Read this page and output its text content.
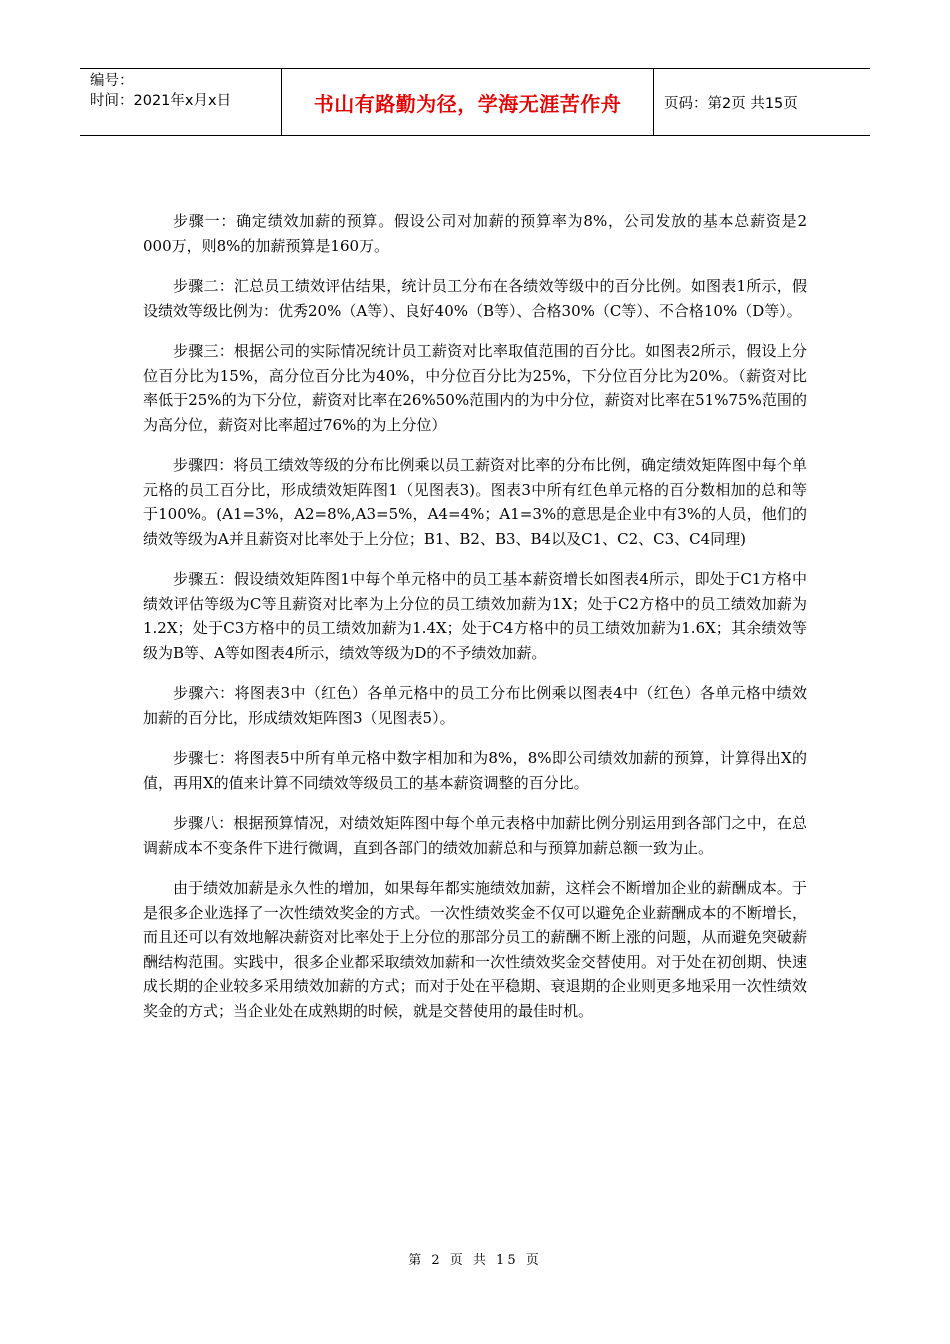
编号：
时间：2021年x月x日	书山有路勤为径，学海无涯苦作舟	页码：第2页 共15页

步骤一：确定绩效加薪的预算。假设公司对加薪的预算率为8%，公司发放的基本总薪资是2 000万，则8%的加薪预算是160万。

步骤二：汇总员工绩效评估结果，统计员工分布在各绩效等级中的百分比例。如图表1所示，假设绩效等级比例为：优秀20%（A等）、良好40%（B等）、合格30%（C等）、不合格10%（D等）。

步骤三：根据公司的实际情况统计员工薪资对比率取值范围的百分比。如图表2所示，假设上分位百分比为15%，高分位百分比为40%，中分位百分比为25%，下分位百分比为20%。（薪资对比率低于25%的为下分位，薪资对比率在26%50%范围内的为中分位，薪资对比率在51%75%范围的为高分位，薪资对比率超过76%的为上分位）

步骤四：将员工绩效等级的分布比例乘以员工薪资对比率的分布比例，确定绩效矩阵图中每个单元格的员工百分比，形成绩效矩阵图1（见图表3)。图表3中所有红色单元格的百分数相加的总和等于100%。(A1=3%，A2=8%,A3=5%，A4=4%；A1=3%的意思是企业中有3%的人员，他们的绩效等级为A并且薪资对比率处于上分位；B1、B2、B3、B4以及C1、C2、C3、C4同理)

步骤五：假设绩效矩阵图1中每个单元格中的员工基本薪资增长如图表4所示，即处于C1方格中绩效评估等级为C等且薪资对比率为上分位的员工绩效加薪为1X；处于C2方格中的员工绩效加薪为1.2X；处于C3方格中的员工绩效加薪为1.4X；处于C4方格中的员工绩效加薪为1.6X；其余绩效等级为B等、A等如图表4所示，绩效等级为D的不予绩效加薪。

步骤六：将图表3中（红色）各单元格中的员工分布比例乘以图表4中（红色）各单元格中绩效加薪的百分比，形成绩效矩阵图3（见图表5）。

步骤七：将图表5中所有单元格中数字相加和为8%，8%即公司绩效加薪的预算，计算得出X的值，再用X的值来计算不同绩效等级员工的基本薪资调整的百分比。

步骤八：根据预算情况，对绩效矩阵图中每个单元表格中加薪比例分别运用到各部门之中，在总调薪成本不变条件下进行微调，直到各部门的绩效加薪总和与预算加薪总额一致为止。

由于绩效加薪是永久性的增加，如果每年都实施绩效加薪，这样会不断增加企业的薪酬成本。于是很多企业选择了一次性绩效奖金的方式。一次性绩效奖金不仅可以避免企业薪酬成本的不断增长，而且还可以有效地解决薪资对比率处于上分位的那部分员工的薪酬不断上涨的问题，从而避免突破薪酬结构范围。实践中，很多企业都采取绩效加薪和一次性绩效奖金交替使用。对于处在初创期、快速成长期的企业较多采用绩效加薪的方式；而对于处在平稳期、衰退期的企业则更多地采用一次性绩效奖金的方式；当企业处在成熟期的时候，就是交替使用的最佳时机。

第 2 页 共 15 页
